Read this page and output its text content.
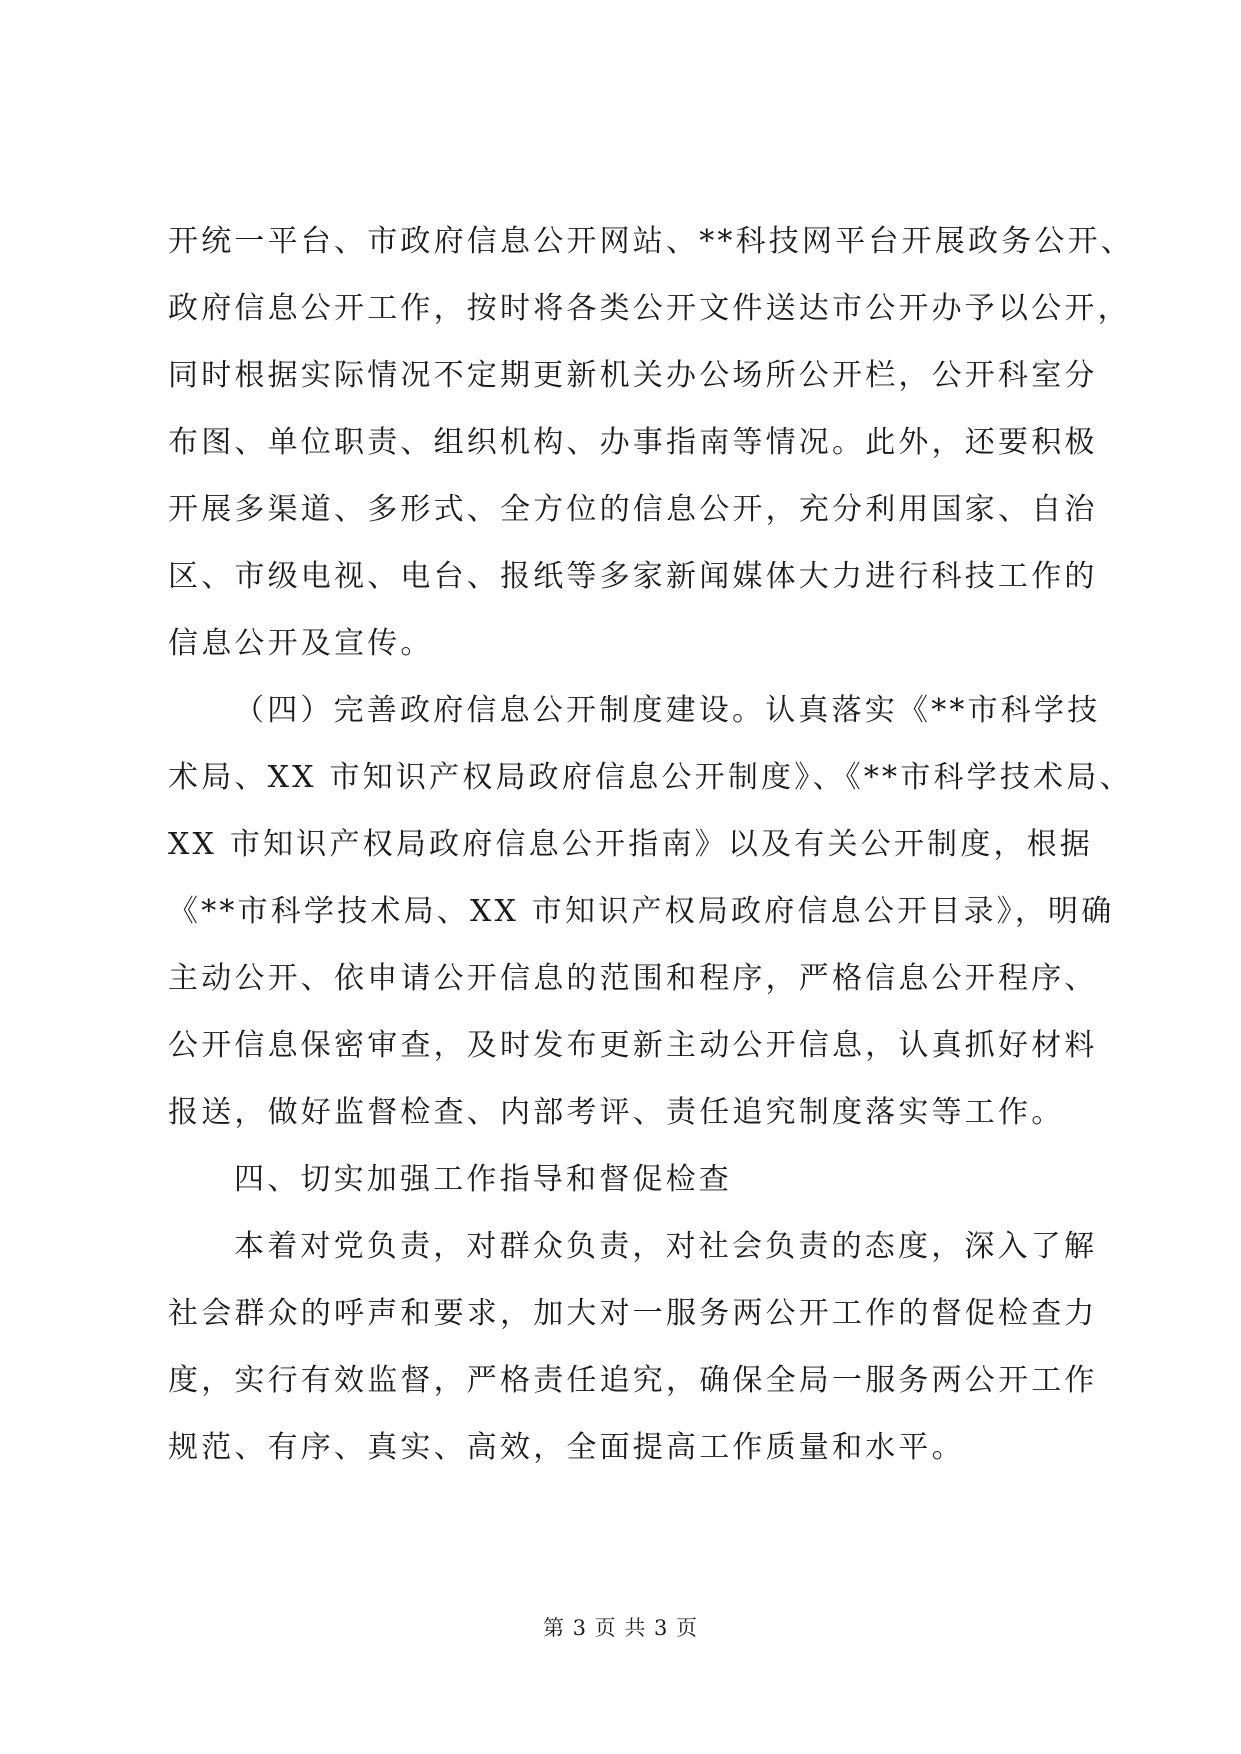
开统一平台、市政府信息公开网站、**科技网平台开展政务公开、
政府信息公开工作，按时将各类公开文件送达市公开办予以公开，
同时根据实际情况不定期更新机关办公场所公开栏，公开科室分
布图、单位职责、组织机构、办事指南等情况。此外，还要积极
开展多渠道、多形式、全方位的信息公开，充分利用国家、自治
区、市级电视、电台、报纸等多家新闻媒体大力进行科技工作的
信息公开及宣传。
（四）完善政府信息公开制度建设。认真落实《**市科学技
术局、XX 市知识产权局政府信息公开制度》、《**市科学技术局、
XX 市知识产权局政府信息公开指南》以及有关公开制度，根据
《**市科学技术局、XX 市知识产权局政府信息公开目录》，明确
主动公开、依申请公开信息的范围和程序，严格信息公开程序、
公开信息保密审查，及时发布更新主动公开信息，认真抓好材料
报送，做好监督检查、内部考评、责任追究制度落实等工作。
四、切实加强工作指导和督促检查
本着对党负责，对群众负责，对社会负责的态度，深入了解
社会群众的呼声和要求，加大对一服务两公开工作的督促检查力
度，实行有效监督，严格责任追究，确保全局一服务两公开工作
规范、有序、真实、高效，全面提高工作质量和水平。
第 3 页 共 3 页
